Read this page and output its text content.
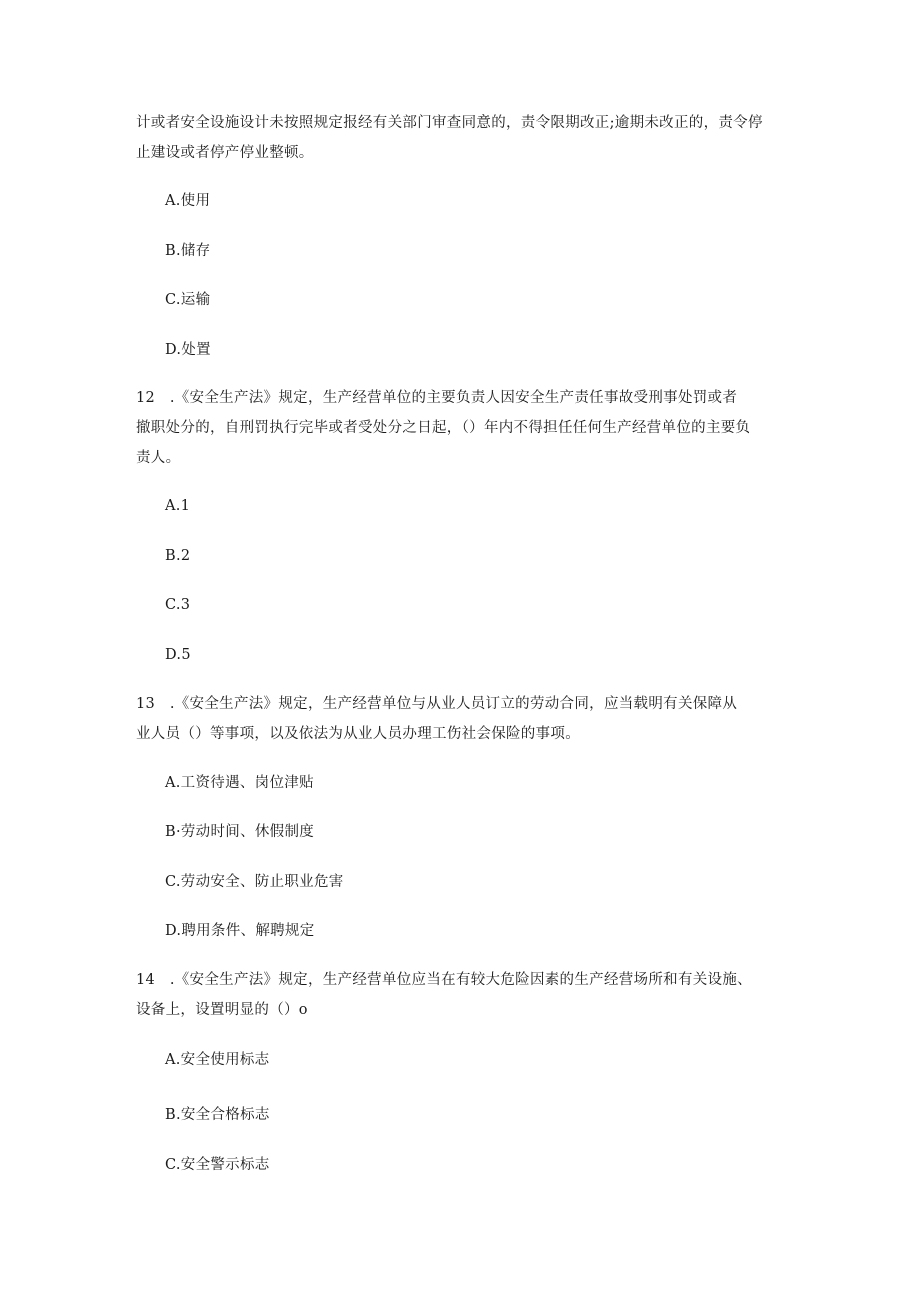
计或者安全设施设计未按照规定报经有关部门审查同意的，责令限期改正;逾期未改正的，责令停
止建设或者停产停业整顿。
A.使用
B.储存
C.运输
D.处置
12　.《安全生产法》规定，生产经营单位的主要负责人因安全生产责任事故受刑事处罚或者
撤职处分的，自刑罚执行完毕或者受处分之日起，（）年内不得担任任何生产经营单位的主要负
责人。
A.1
B.2
C.3
D.5
13　.《安全生产法》规定，生产经营单位与从业人员订立的劳动合同，应当载明有关保障从
业人员（）等事项，以及依法为从业人员办理工伤社会保险的事项。
A.工资待遇、岗位津贴
B·劳动时间、休假制度
C.劳动安全、防止职业危害
D.聘用条件、解聘规定
14　.《安全生产法》规定，生产经营单位应当在有较大危险因素的生产经营场所和有关设施、
设备上，设置明显的（）o
A.安全使用标志
B.安全合格标志
C.安全警示标志
